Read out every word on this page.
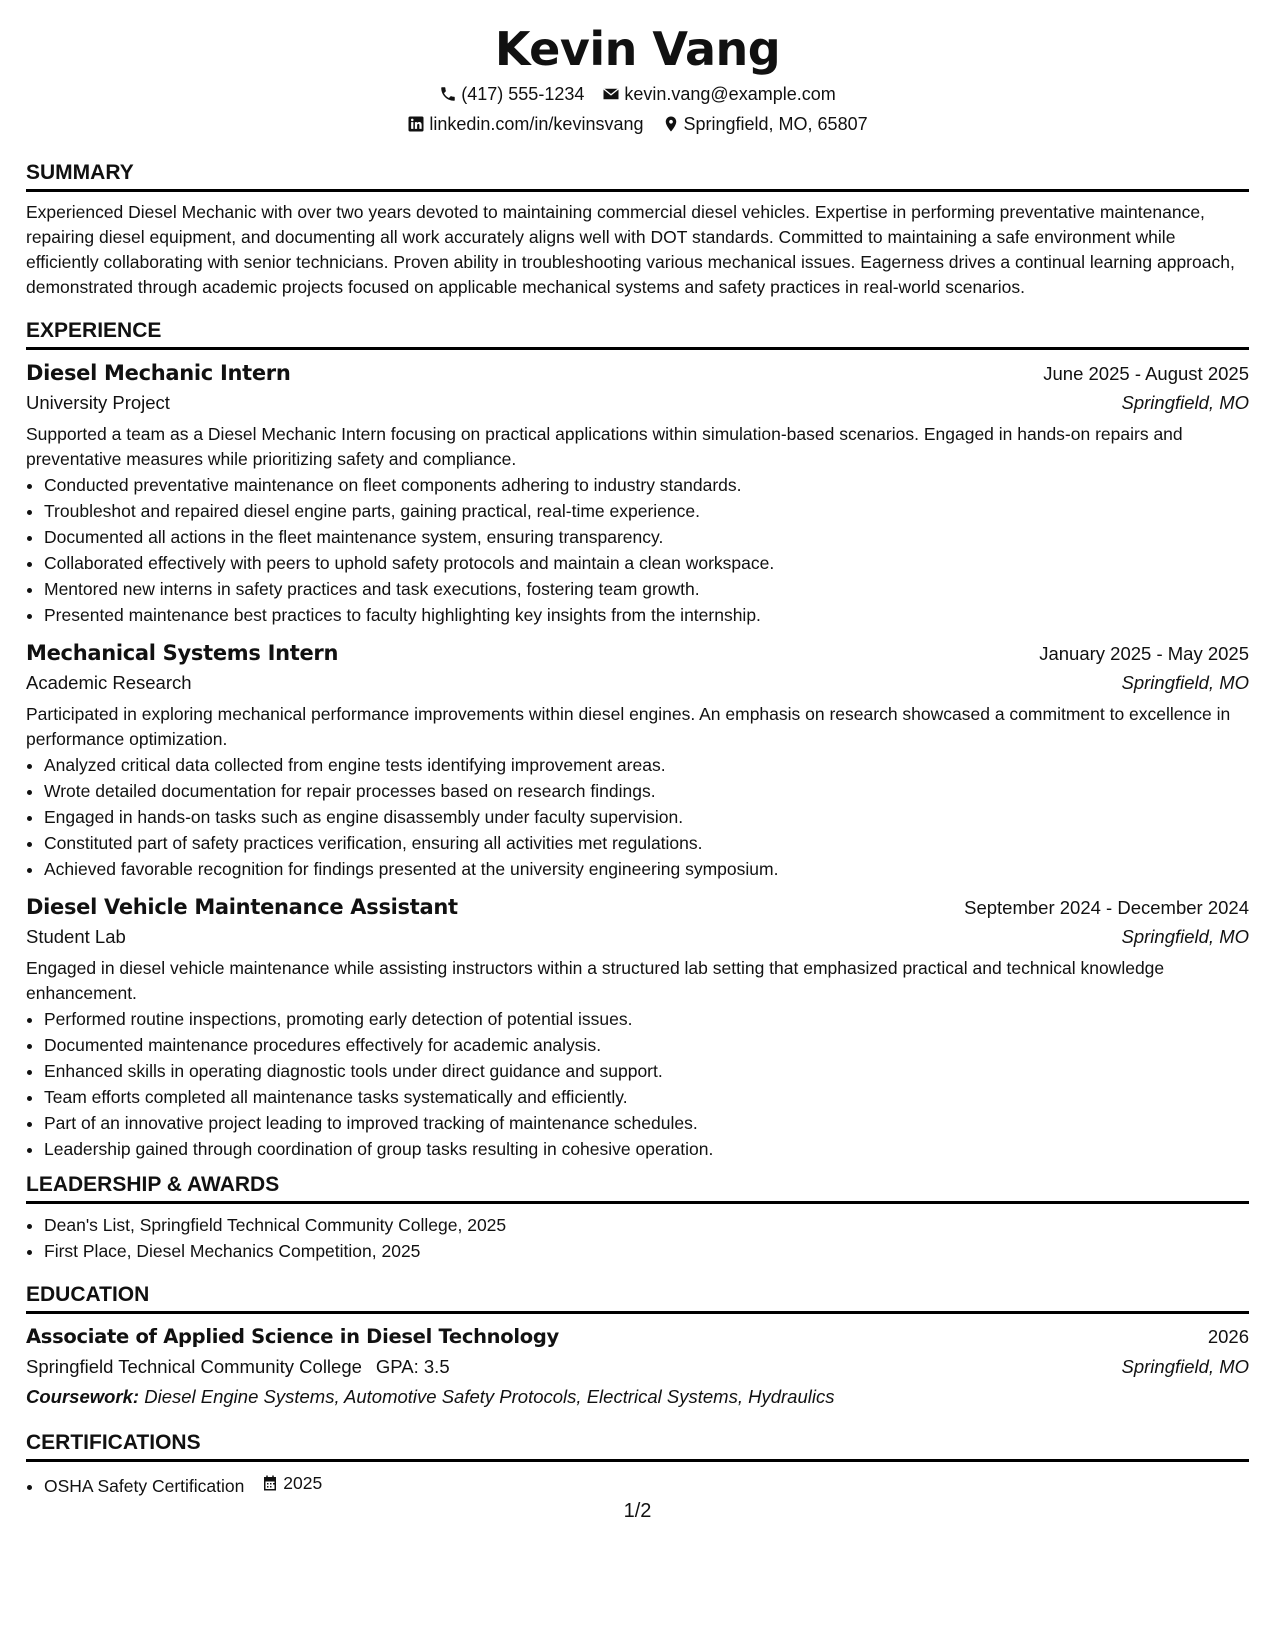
Kevin Vang
(417) 555-1234 kevin.vang@example.com
linkedin.com/in/kevinsvang Springfield, MO, 65807
SUMMARY
Experienced Diesel Mechanic with over two years devoted to maintaining commercial diesel vehicles. Expertise in performing preventative maintenance, repairing diesel equipment, and documenting all work accurately aligns well with DOT standards. Committed to maintaining a safe environment while efficiently collaborating with senior technicians. Proven ability in troubleshooting various mechanical issues. Eagerness drives a continual learning approach, demonstrated through academic projects focused on applicable mechanical systems and safety practices in real-world scenarios.
EXPERIENCE
Diesel Mechanic Intern	June 2025 - August 2025
University Project	Springfield, MO
Supported a team as a Diesel Mechanic Intern focusing on practical applications within simulation-based scenarios. Engaged in hands-on repairs and preventative measures while prioritizing safety and compliance.
• Conducted preventative maintenance on fleet components adhering to industry standards.
• Troubleshot and repaired diesel engine parts, gaining practical, real-time experience.
• Documented all actions in the fleet maintenance system, ensuring transparency.
• Collaborated effectively with peers to uphold safety protocols and maintain a clean workspace.
• Mentored new interns in safety practices and task executions, fostering team growth.
• Presented maintenance best practices to faculty highlighting key insights from the internship.
Mechanical Systems Intern	January 2025 - May 2025
Academic Research	Springfield, MO
Participated in exploring mechanical performance improvements within diesel engines. An emphasis on research showcased a commitment to excellence in performance optimization.
• Analyzed critical data collected from engine tests identifying improvement areas.
• Wrote detailed documentation for repair processes based on research findings.
• Engaged in hands-on tasks such as engine disassembly under faculty supervision.
• Constituted part of safety practices verification, ensuring all activities met regulations.
• Achieved favorable recognition for findings presented at the university engineering symposium.
Diesel Vehicle Maintenance Assistant	September 2024 - December 2024
Student Lab	Springfield, MO
Engaged in diesel vehicle maintenance while assisting instructors within a structured lab setting that emphasized practical and technical knowledge enhancement.
• Performed routine inspections, promoting early detection of potential issues.
• Documented maintenance procedures effectively for academic analysis.
• Enhanced skills in operating diagnostic tools under direct guidance and support.
• Team efforts completed all maintenance tasks systematically and efficiently.
• Part of an innovative project leading to improved tracking of maintenance schedules.
• Leadership gained through coordination of group tasks resulting in cohesive operation.
LEADERSHIP & AWARDS
• Dean's List, Springfield Technical Community College, 2025
• First Place, Diesel Mechanics Competition, 2025
EDUCATION
Associate of Applied Science in Diesel Technology	2026
Springfield Technical Community College GPA: 3.5	Springfield, MO
Coursework: Diesel Engine Systems, Automotive Safety Protocols, Electrical Systems, Hydraulics
CERTIFICATIONS
• OSHA Safety Certification 2025
1/2
